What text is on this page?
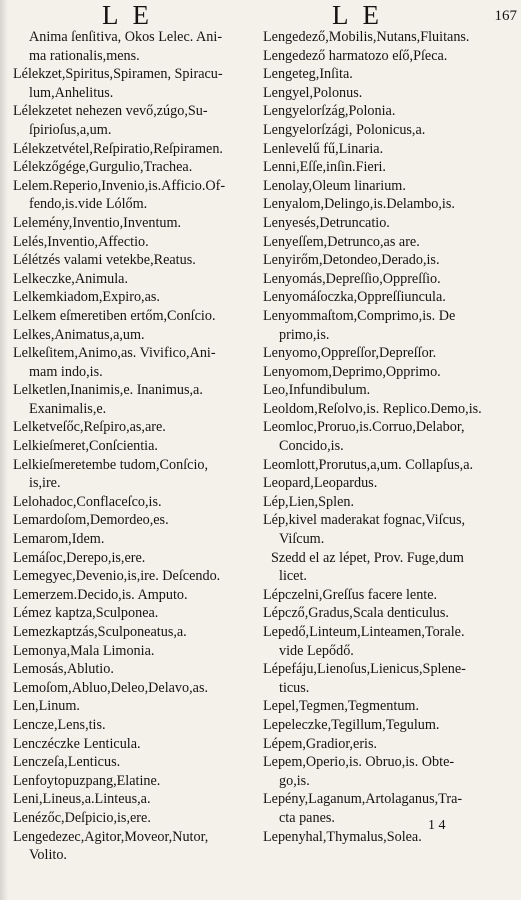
LE	LE	167
Anima ſenſitiva, Okos Lelec. Ani-
ma rationalis,mens.
Lélekzet,Spiritus,Spiramen, Spiracu-
lum,Anhelitus.
Lélekzetet nehezen vevő,zúgo,Su-
ſpirioſus,a,um.
Lélekzetvétel,Reſpiratio,Reſpiramen.
Lélekzőgége,Gurgulio,Trachea.
Lelem.Reperio,Invenio,is.Afficio.Of-
fendo,is.vide Lólőm.
Lelemény,Inventio,Inventum.
Lelés,Inventio,Affectio.
Lélétzés valami vetekbe,Reatus.
Lelkeczke,Animula.
Lelkemkiadom,Expiro,as.
Lelkem eſmeretiben ertőm,Conſcio.
Lelkes,Animatus,a,um.
Lelkeſitem,Animo,as. Vivifico,Ani-
mam indo,is.
Lelketlen,Inanimis,e. Inanimus,a.
Exanimalis,e.
Lelketveſőc,Reſpiro,as,are.
Lelkieſmeret,Conſcientia.
Lelkieſmeretembe tudom,Conſcio,
is,ire.
Lelohadoc,Conflaceſco,is.
Lemardoſom,Demordeo,es.
Lemarom,Idem.
Lemáſoc,Derepo,is,ere.
Lemegyec,Devenio,is,ire. Deſcendo.
Lemerzem.Decido,is. Amputo.
Lémez kaptza,Sculponea.
Lemezkaptzás,Sculponeatus,a.
Lemonya,Mala Limonia.
Lemosás,Ablutio.
Lemoſom,Abluo,Deleo,Delavo,as.
Len,Linum.
Lencze,Lens,tis.
Lenczéczke Lenticula.
Lenczeſa,Lenticus.
Lenfoytopuzpang,Elatine.
Leni,Lineus,a.Linteus,a.
Lenézőc,Deſpicio,is,ere.
Lengedezec,Agitor,Moveor,Nutor,
Volito.
Lengedező,Mobilis,Nutans,Fluitans.
Lengedező harmatozo eſő,Pſeca.
Lengeteg,Inſita.
Lengyel,Polonus.
Lengyelorſzág,Polonia.
Lengyelorſzági, Polonicus,a.
Lenlevelű fű,Linaria.
Lenni,Eſſe,inſin.Fieri.
Lenolay,Oleum linarium.
Lenyalom,Delingo,is.Delambo,is.
Lenyesés,Detruncatio.
Lenyeſſem,Detrunco,as are.
Lenyirőm,Detondeo,Derado,is.
Lenyomás,Depreſſio,Oppreſſio.
Lenyomáſoczka,Oppreſſiuncula.
Lenyommaſtom,Comprimo,is. De
primo,is.
Lenyomo,Oppreſſor,Depreſſor.
Lenyomom,Deprimo,Opprimo.
Leo,Infundibulum.
Leoldom,Reſolvo,is. Replico.Demo,is.
Leomloc,Proruo,is.Corruo,Delabor,
Concido,is.
Leomlott,Prorutus,a,um. Collapſus,a.
Leopard,Leopardus.
Lép,Lien,Splen.
Lép,kivel maderakat fognac,Viſcus,
Viſcum.
Szedd el az lépet, Prov. Fuge,dum
licet.
Lépczelni,Greſſus facere lente.
Lépcző,Gradus,Scala denticulus.
Lepedő,Linteum,Linteamen,Torale.
vide Lepődő.
Lépefáju,Lienoſus,Lienicus,Splene-
ticus.
Lepel,Tegmen,Tegmentum.
Lepeleczke,Tegillum,Tegulum.
Lépem,Gradior,eris.
Lepem,Operio,is. Obruo,is. Obte-
go,is.
Lepény,Laganum,Artolaganus,Tra-
cta panes.
Lepenyhal,Thymalus,Solea.
1 4
